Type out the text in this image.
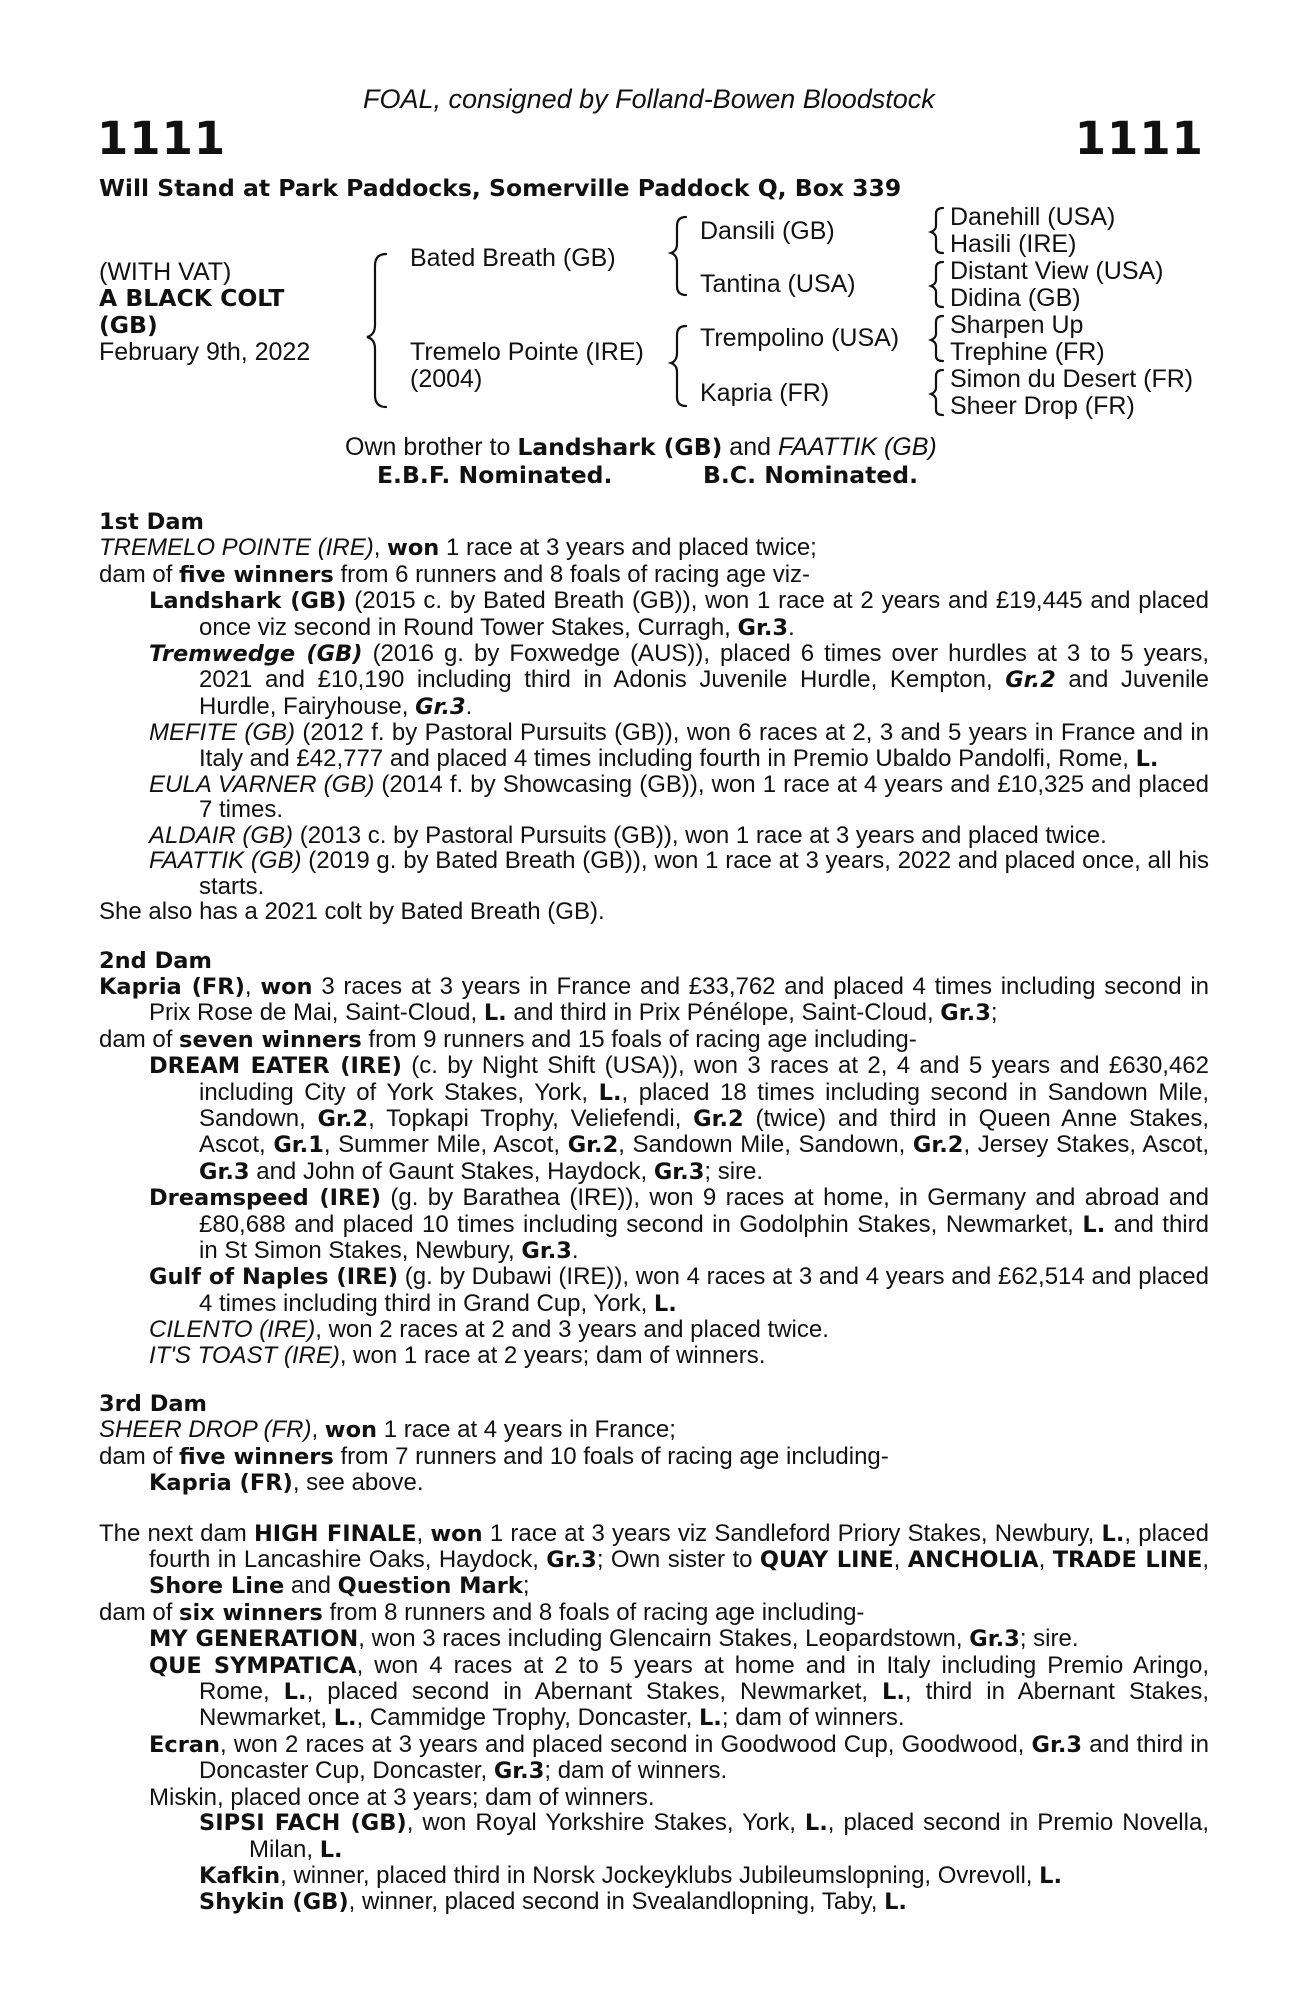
FOAL, consigned by Folland-Bowen Bloodstock
1111	1111
Will Stand at Park Paddocks, Somerville Paddock Q, Box 339
(WITH VAT)
A BLACK COLT
(GB)
February 9th, 2022
Bated Breath (GB)
Tremelo Pointe (IRE)
(2004)
Dansili (GB)
Tantina (USA)
Trempolino (USA)
Kapria (FR)
Danehill (USA)
Hasili (IRE)
Distant View (USA)
Didina (GB)
Sharpen Up
Trephine (FR)
Simon du Desert (FR)
Sheer Drop (FR)
Own brother to Landshark (GB) and FAATTIK (GB)
E.B.F. Nominated.	B.C. Nominated.
1st Dam
TREMELO POINTE (IRE), won 1 race at 3 years and placed twice;
dam of five winners from 6 runners and 8 foals of racing age viz-
Landshark (GB) (2015 c. by Bated Breath (GB)), won 1 race at 2 years and £19,445 and placed once viz second in Round Tower Stakes, Curragh, Gr.3.
Tremwedge (GB) (2016 g. by Foxwedge (AUS)), placed 6 times over hurdles at 3 to 5 years, 2021 and £10,190 including third in Adonis Juvenile Hurdle, Kempton, Gr.2 and Juvenile Hurdle, Fairyhouse, Gr.3.
MEFITE (GB) (2012 f. by Pastoral Pursuits (GB)), won 6 races at 2, 3 and 5 years in France and in Italy and £42,777 and placed 4 times including fourth in Premio Ubaldo Pandolfi, Rome, L.
EULA VARNER (GB) (2014 f. by Showcasing (GB)), won 1 race at 4 years and £10,325 and placed 7 times.
ALDAIR (GB) (2013 c. by Pastoral Pursuits (GB)), won 1 race at 3 years and placed twice.
FAATTIK (GB) (2019 g. by Bated Breath (GB)), won 1 race at 3 years, 2022 and placed once, all his starts.
She also has a 2021 colt by Bated Breath (GB).
2nd Dam
Kapria (FR), won 3 races at 3 years in France and £33,762 and placed 4 times including second in Prix Rose de Mai, Saint-Cloud, L. and third in Prix Pénélope, Saint-Cloud, Gr.3;
dam of seven winners from 9 runners and 15 foals of racing age including-
DREAM EATER (IRE) (c. by Night Shift (USA)), won 3 races at 2, 4 and 5 years and £630,462 including City of York Stakes, York, L., placed 18 times including second in Sandown Mile, Sandown, Gr.2, Topkapi Trophy, Veliefendi, Gr.2 (twice) and third in Queen Anne Stakes, Ascot, Gr.1, Summer Mile, Ascot, Gr.2, Sandown Mile, Sandown, Gr.2, Jersey Stakes, Ascot, Gr.3 and John of Gaunt Stakes, Haydock, Gr.3; sire.
Dreamspeed (IRE) (g. by Barathea (IRE)), won 9 races at home, in Germany and abroad and £80,688 and placed 10 times including second in Godolphin Stakes, Newmarket, L. and third in St Simon Stakes, Newbury, Gr.3.
Gulf of Naples (IRE) (g. by Dubawi (IRE)), won 4 races at 3 and 4 years and £62,514 and placed 4 times including third in Grand Cup, York, L.
CILENTO (IRE), won 2 races at 2 and 3 years and placed twice.
IT'S TOAST (IRE), won 1 race at 2 years; dam of winners.
3rd Dam
SHEER DROP (FR), won 1 race at 4 years in France;
dam of five winners from 7 runners and 10 foals of racing age including-
Kapria (FR), see above.
The next dam HIGH FINALE, won 1 race at 3 years viz Sandleford Priory Stakes, Newbury, L., placed fourth in Lancashire Oaks, Haydock, Gr.3; Own sister to QUAY LINE, ANCHOLIA, TRADE LINE, Shore Line and Question Mark;
dam of six winners from 8 runners and 8 foals of racing age including-
MY GENERATION, won 3 races including Glencairn Stakes, Leopardstown, Gr.3; sire.
QUE SYMPATICA, won 4 races at 2 to 5 years at home and in Italy including Premio Aringo, Rome, L., placed second in Abernant Stakes, Newmarket, L., third in Abernant Stakes, Newmarket, L., Cammidge Trophy, Doncaster, L.; dam of winners.
Ecran, won 2 races at 3 years and placed second in Goodwood Cup, Goodwood, Gr.3 and third in Doncaster Cup, Doncaster, Gr.3; dam of winners.
Miskin, placed once at 3 years; dam of winners.
SIPSI FACH (GB), won Royal Yorkshire Stakes, York, L., placed second in Premio Novella, Milan, L.
Kafkin, winner, placed third in Norsk Jockeyklubs Jubileumslopning, Ovrevoll, L.
Shykin (GB), winner, placed second in Svealandlopning, Taby, L.
